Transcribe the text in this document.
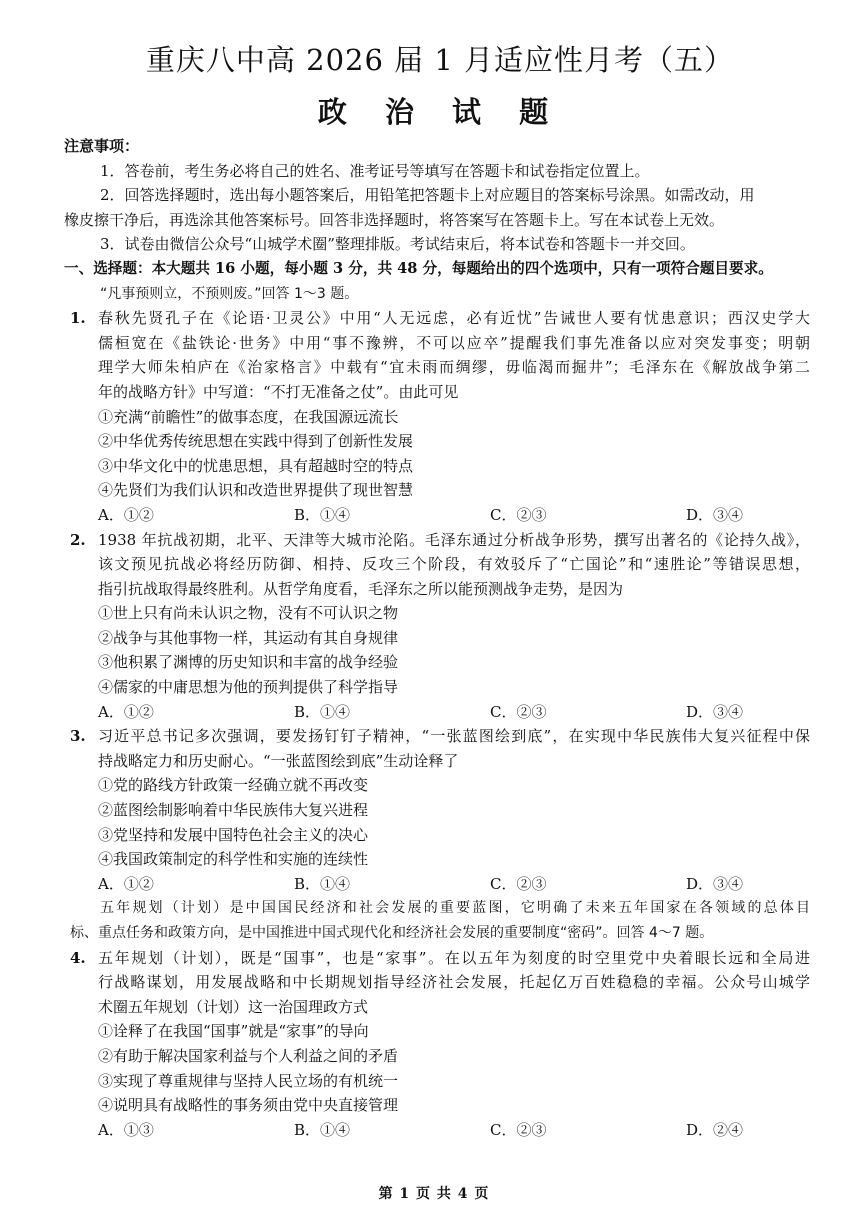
重庆八中高 2026 届 1 月适应性月考（五）
政 治 试 题
注意事项：
1．答卷前，考生务必将自己的姓名、准考证号等填写在答题卡和试卷指定位置上。
2．回答选择题时，选出每小题答案后，用铅笔把答题卡上对应题目的答案标号涂黑。如需改动，用
橡皮擦干净后，再选涂其他答案标号。回答非选择题时，将答案写在答题卡上。写在本试卷上无效。
3．试卷由微信公众号“山城学术圈”整理排版。考试结束后，将本试卷和答题卡一并交回。
一、选择题：本大题共 16 小题，每小题 3 分，共 48 分，每题给出的四个选项中，只有一项符合题目要求。
“凡事预则立，不预则废。”回答 1～3 题。
1. 春秋先贤孔子在《论语·卫灵公》中用“人无远虑，必有近忧”告诫世人要有忧患意识；西汉史学大
儒桓宽在《盐铁论·世务》中用“事不豫辨，不可以应卒”提醒我们事先准备以应对突发事变；明朝
理学大师朱柏庐在《治家格言》中载有“宜未雨而绸缪，毋临渴而掘井”；毛泽东在《解放战争第二
年的战略方针》中写道：“不打无准备之仗”。由此可见
①充满“前瞻性”的做事态度，在我国源远流长
②中华优秀传统思想在实践中得到了创新性发展
③中华文化中的忧患思想，具有超越时空的特点
④先贤们为我们认识和改造世界提供了现世智慧
A．①②	B．①④	C．②③	D．③④
2. 1938 年抗战初期，北平、天津等大城市沦陷。毛泽东通过分析战争形势，撰写出著名的《论持久战》，
该文预见抗战必将经历防御、相持、反攻三个阶段，有效驳斥了“亡国论”和“速胜论”等错误思想，
指引抗战取得最终胜利。从哲学角度看，毛泽东之所以能预测战争走势，是因为
①世上只有尚未认识之物，没有不可认识之物
②战争与其他事物一样，其运动有其自身规律
③他积累了渊博的历史知识和丰富的战争经验
④儒家的中庸思想为他的预判提供了科学指导
A．①②	B．①④	C．②③	D．③④
3. 习近平总书记多次强调，要发扬钉钉子精神，“一张蓝图绘到底”，在实现中华民族伟大复兴征程中保
持战略定力和历史耐心。“一张蓝图绘到底”生动诠释了
①党的路线方针政策一经确立就不再改变
②蓝图绘制影响着中华民族伟大复兴进程
③党坚持和发展中国特色社会主义的决心
④我国政策制定的科学性和实施的连续性
A．①②	B．①④	C．②③	D．③④
五年规划（计划）是中国国民经济和社会发展的重要蓝图，它明确了未来五年国家在各领域的总体目
标、重点任务和政策方向，是中国推进中国式现代化和经济社会发展的重要制度“密码”。回答 4～7 题。
4. 五年规划（计划），既是“国事”，也是“家事”。在以五年为刻度的时空里党中央着眼长远和全局进
行战略谋划，用发展战略和中长期规划指导经济社会发展，托起亿万百姓稳稳的幸福。公众号山城学
术圈五年规划（计划）这一治国理政方式
①诠释了在我国“国事”就是“家事”的导向
②有助于解决国家利益与个人利益之间的矛盾
③实现了尊重规律与坚持人民立场的有机统一
④说明具有战略性的事务须由党中央直接管理
A．①③	B．①④	C．②③	D．②④
第 1 页 共 4 页
